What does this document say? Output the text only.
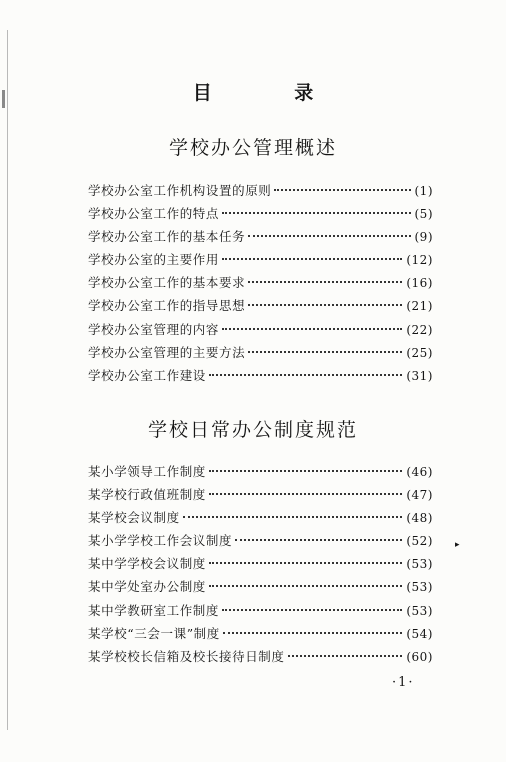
目 录
学校办公管理概述
学校办公室工作机构设置的原则	(1)
学校办公室工作的特点	(5)
学校办公室工作的基本任务	(9)
学校办公室的主要作用	(12)
学校办公室工作的基本要求	(16)
学校办公室工作的指导思想	(21)
学校办公室管理的内容	(22)
学校办公室管理的主要方法	(25)
学校办公室工作建设	(31)
学校日常办公制度规范
某小学领导工作制度	(46)
某学校行政值班制度	(47)
某学校会议制度	(48)
某小学学校工作会议制度	(52)
某中学学校会议制度	(53)
某中学处室办公制度	(53)
某中学教研室工作制度	(53)
某学校“三会一课”制度	(54)
某学校校长信箱及校长接待日制度	(60)
▸
·1·
